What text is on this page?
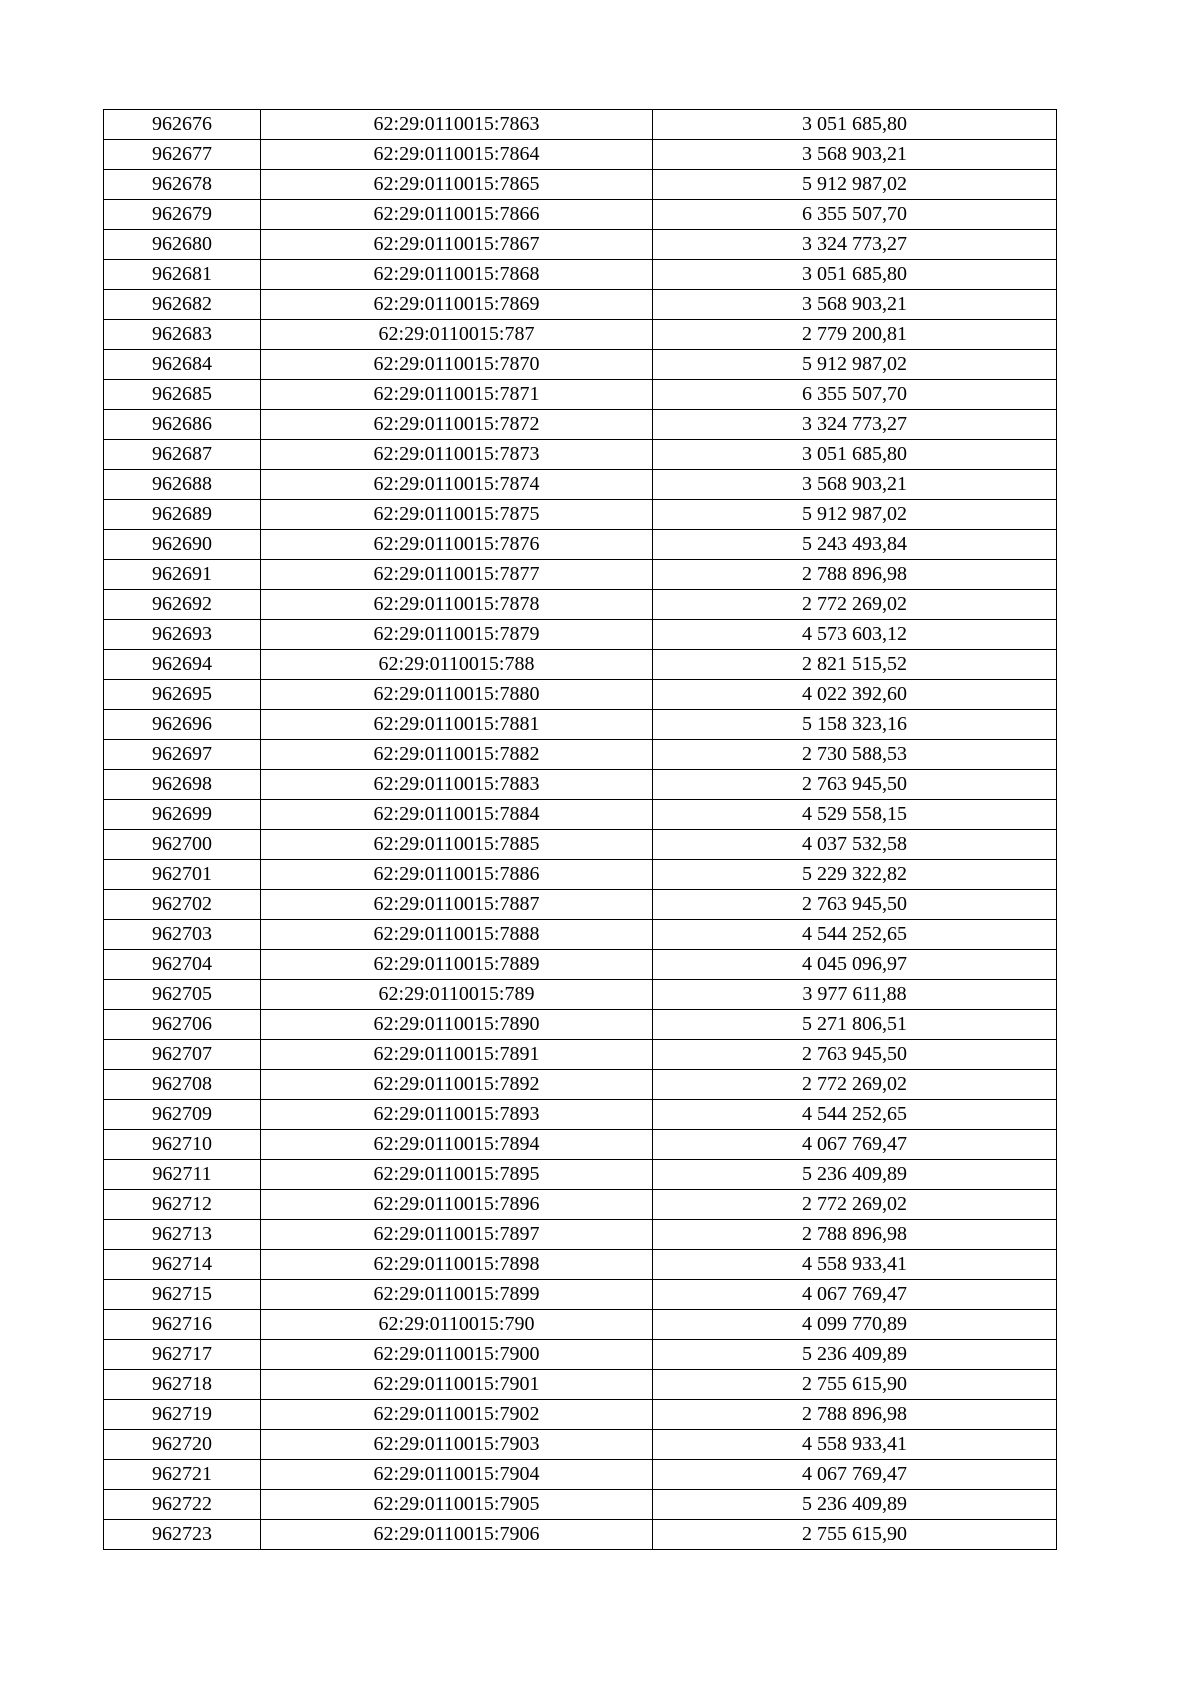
962676	62:29:0110015:7863	3 051 685,80
962677	62:29:0110015:7864	3 568 903,21
962678	62:29:0110015:7865	5 912 987,02
962679	62:29:0110015:7866	6 355 507,70
962680	62:29:0110015:7867	3 324 773,27
962681	62:29:0110015:7868	3 051 685,80
962682	62:29:0110015:7869	3 568 903,21
962683	62:29:0110015:787	2 779 200,81
962684	62:29:0110015:7870	5 912 987,02
962685	62:29:0110015:7871	6 355 507,70
962686	62:29:0110015:7872	3 324 773,27
962687	62:29:0110015:7873	3 051 685,80
962688	62:29:0110015:7874	3 568 903,21
962689	62:29:0110015:7875	5 912 987,02
962690	62:29:0110015:7876	5 243 493,84
962691	62:29:0110015:7877	2 788 896,98
962692	62:29:0110015:7878	2 772 269,02
962693	62:29:0110015:7879	4 573 603,12
962694	62:29:0110015:788	2 821 515,52
962695	62:29:0110015:7880	4 022 392,60
962696	62:29:0110015:7881	5 158 323,16
962697	62:29:0110015:7882	2 730 588,53
962698	62:29:0110015:7883	2 763 945,50
962699	62:29:0110015:7884	4 529 558,15
962700	62:29:0110015:7885	4 037 532,58
962701	62:29:0110015:7886	5 229 322,82
962702	62:29:0110015:7887	2 763 945,50
962703	62:29:0110015:7888	4 544 252,65
962704	62:29:0110015:7889	4 045 096,97
962705	62:29:0110015:789	3 977 611,88
962706	62:29:0110015:7890	5 271 806,51
962707	62:29:0110015:7891	2 763 945,50
962708	62:29:0110015:7892	2 772 269,02
962709	62:29:0110015:7893	4 544 252,65
962710	62:29:0110015:7894	4 067 769,47
962711	62:29:0110015:7895	5 236 409,89
962712	62:29:0110015:7896	2 772 269,02
962713	62:29:0110015:7897	2 788 896,98
962714	62:29:0110015:7898	4 558 933,41
962715	62:29:0110015:7899	4 067 769,47
962716	62:29:0110015:790	4 099 770,89
962717	62:29:0110015:7900	5 236 409,89
962718	62:29:0110015:7901	2 755 615,90
962719	62:29:0110015:7902	2 788 896,98
962720	62:29:0110015:7903	4 558 933,41
962721	62:29:0110015:7904	4 067 769,47
962722	62:29:0110015:7905	5 236 409,89
962723	62:29:0110015:7906	2 755 615,90
